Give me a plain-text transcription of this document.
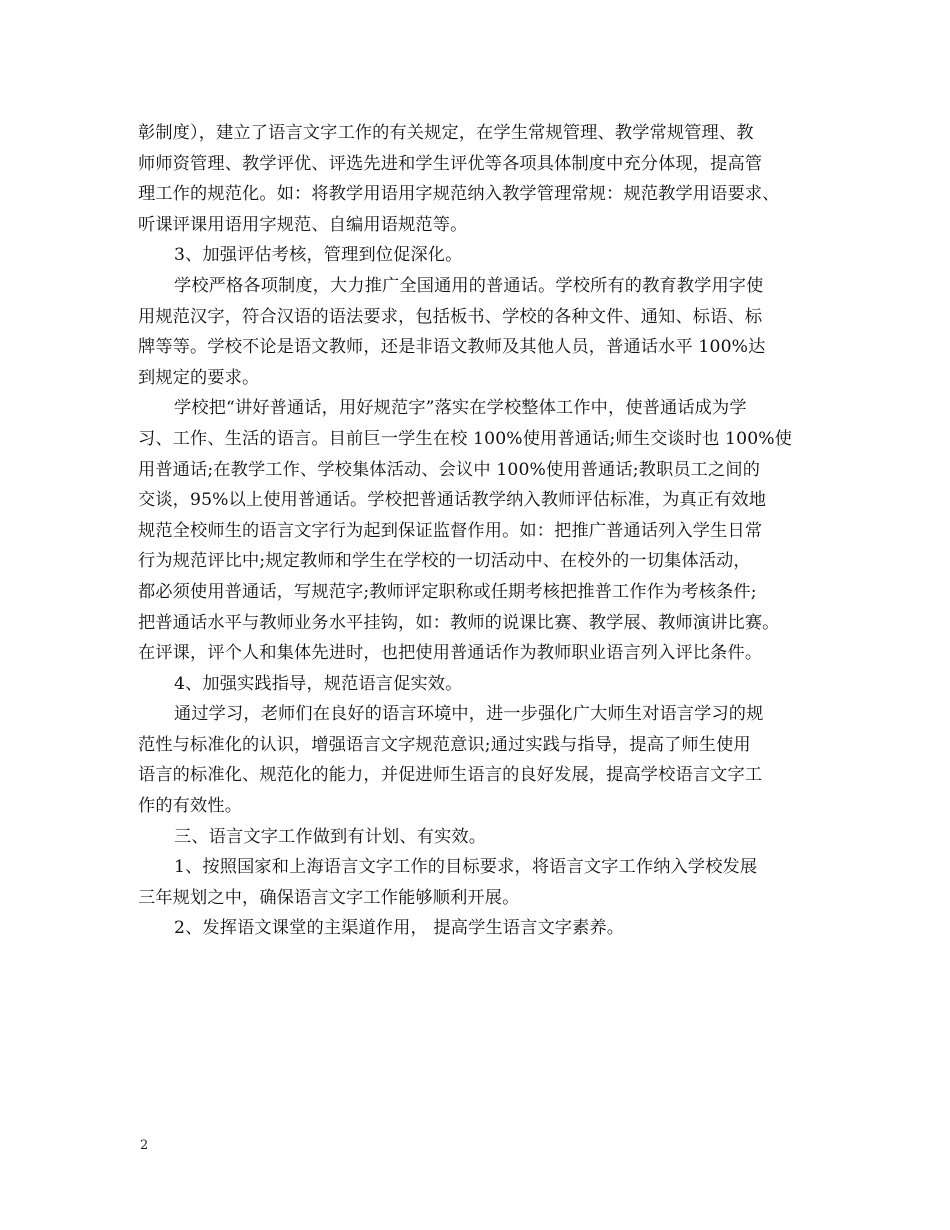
彰制度），建立了语言文字工作的有关规定，在学生常规管理、教学常规管理、教
师师资管理、教学评优、评选先进和学生评优等各项具体制度中充分体现，提高管
理工作的规范化。如：将教学用语用字规范纳入教学管理常规：规范教学用语要求、
听课评课用语用字规范、自编用语规范等。
3、加强评估考核，管理到位促深化。
学校严格各项制度，大力推广全国通用的普通话。学校所有的教育教学用字使
用规范汉字，符合汉语的语法要求，包括板书、学校的各种文件、通知、标语、标
牌等等。学校不论是语文教师，还是非语文教师及其他人员，普通话水平 100%达
到规定的要求。
学校把“讲好普通话，用好规范字”落实在学校整体工作中，使普通话成为学
习、工作、生活的语言。目前巨一学生在校 100%使用普通话;师生交谈时也 100%使
用普通话;在教学工作、学校集体活动、会议中 100%使用普通话;教职员工之间的
交谈，95%以上使用普通话。学校把普通话教学纳入教师评估标准，为真正有效地
规范全校师生的语言文字行为起到保证监督作用。如：把推广普通话列入学生日常
行为规范评比中;规定教师和学生在学校的一切活动中、在校外的一切集体活动，
都必须使用普通话，写规范字;教师评定职称或任期考核把推普工作作为考核条件;
把普通话水平与教师业务水平挂钩，如：教师的说课比赛、教学展、教师演讲比赛。
在评课，评个人和集体先进时，也把使用普通话作为教师职业语言列入评比条件。
4、加强实践指导，规范语言促实效。
通过学习，老师们在良好的语言环境中，进一步强化广大师生对语言学习的规
范性与标准化的认识，增强语言文字规范意识;通过实践与指导，提高了师生使用
语言的标准化、规范化的能力，并促进师生语言的良好发展，提高学校语言文字工
作的有效性。
三、语言文字工作做到有计划、有实效。
1、按照国家和上海语言文字工作的目标要求，将语言文字工作纳入学校发展
三年规划之中，确保语言文字工作能够顺利开展。
2、发挥语文课堂的主渠道作用， 提高学生语言文字素养。
2
